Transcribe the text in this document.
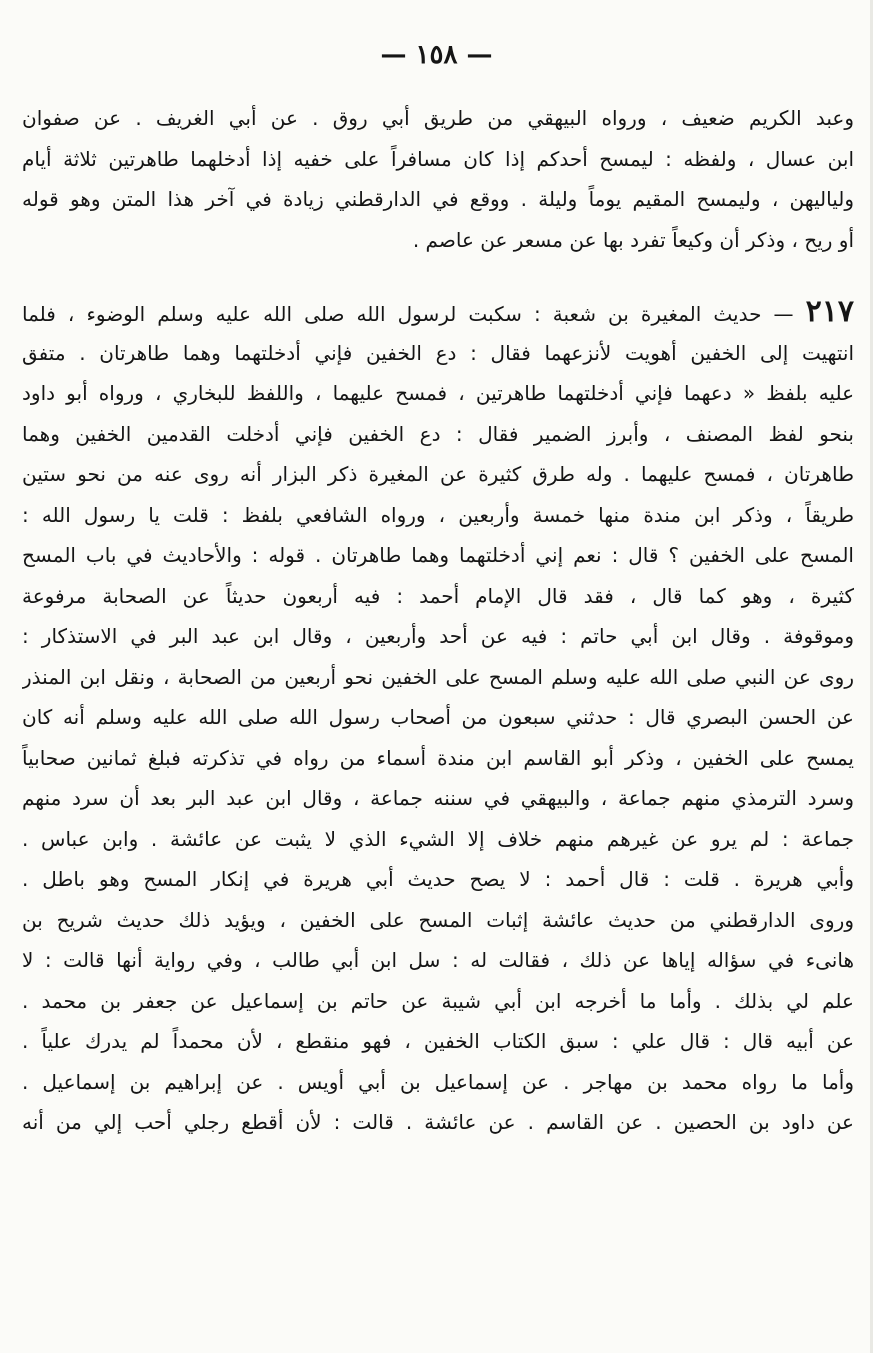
— ١٥٨ —
وعبد الكريم ضعيف ، ورواه البيهقي من طريق أبي روق . عن أبي الغريف . عن صفوان
ابن عسال ، ولفظه : ليمسح أحدكم إذا كان مسافراً على خفيه إذا أدخلهما طاهرتين ثلاثة أيام
ولياليهن ، وليمسح المقيم يوماً وليلة . ووقع في الدارقطني زيادة في آخر هذا المتن وهو قوله
أو ريح ، وذكر أن وكيعاً تفرد بها عن مسعر عن عاصم .
٢١٧ — حديث المغيرة بن شعبة : سكبت لرسول الله صلى الله عليه وسلم الوضوء ، فلما
انتهيت إلى الخفين أهويت لأنزعهما فقال : دع الخفين فإني أدخلتهما وهما طاهرتان . متفق
عليه بلفظ « دعهما فإني أدخلتهما طاهرتين ، فمسح عليهما ، واللفظ للبخاري ، ورواه أبو داود
بنحو لفظ المصنف ، وأبرز الضمير فقال : دع الخفين فإني أدخلت القدمين الخفين وهما
طاهرتان ، فمسح عليهما . وله طرق كثيرة عن المغيرة ذكر البزار أنه روى عنه من نحو ستين
طريقاً ، وذكر ابن مندة منها خمسة وأربعين ، ورواه الشافعي بلفظ : قلت يا رسول الله :
المسح على الخفين ؟ قال : نعم إني أدخلتهما وهما طاهرتان . قوله : والأحاديث في باب المسح
كثيرة ، وهو كما قال ، فقد قال الإمام أحمد : فيه أربعون حديثاً عن الصحابة مرفوعة
وموقوفة . وقال ابن أبي حاتم : فيه عن أحد وأربعين ، وقال ابن عبد البر في الاستذكار :
روى عن النبي صلى الله عليه وسلم المسح على الخفين نحو أربعين من الصحابة ، ونقل ابن المنذر
عن الحسن البصري قال : حدثني سبعون من أصحاب رسول الله صلى الله عليه وسلم أنه كان
يمسح على الخفين ، وذكر أبو القاسم ابن مندة أسماء من رواه في تذكرته فبلغ ثمانين صحابياً
وسرد الترمذي منهم جماعة ، والبيهقي في سننه جماعة ، وقال ابن عبد البر بعد أن سرد منهم
جماعة : لم يرو عن غيرهم منهم خلاف إلا الشيء الذي لا يثبت عن عائشة . وابن عباس .
وأبي هريرة . قلت : قال أحمد : لا يصح حديث أبي هريرة في إنكار المسح وهو باطل .
وروى الدارقطني من حديث عائشة إثبات المسح على الخفين ، ويؤيد ذلك حديث شريح بن
هانىء في سؤاله إياها عن ذلك ، فقالت له : سل ابن أبي طالب ، وفي رواية أنها قالت : لا
علم لي بذلك . وأما ما أخرجه ابن أبي شيبة عن حاتم بن إسماعيل عن جعفر بن محمد .
عن أبيه قال : قال علي : سبق الكتاب الخفين ، فهو منقطع ، لأن محمداً لم يدرك علياً .
وأما ما رواه محمد بن مهاجر . عن إسماعيل بن أبي أويس . عن إبراهيم بن إسماعيل .
عن داود بن الحصين . عن القاسم . عن عائشة . قالت : لأن أقطع رجلي أحب إلي من أنه
